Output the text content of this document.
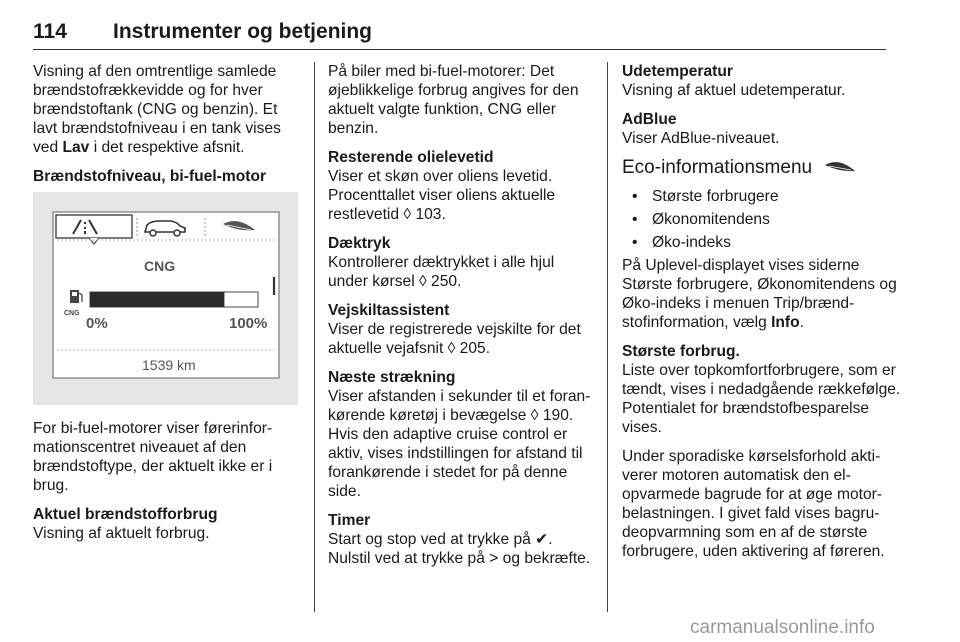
114 Instrumenter og betjening

Visning af den omtrentlige samlede brændstofrækkevidde og for hver brændstoftank (CNG og benzin). Et lavt brændstofniveau i en tank vises ved Lav i det respektive afsnit.

Brændstofniveau, bi-fuel-motor

CNG
CNG
0%	100%
1539 km

For bi-fuel-motorer viser førerinformationscentret niveauet af den brændstoftype, der aktuelt ikke er i brug.

Aktuel brændstofforbrug

Visning af aktuelt forbrug.

På biler med bi-fuel-motorer: Det øjeblikkelige forbrug angives for den aktuelt valgte funktion, CNG eller benzin.

Resterende olielevetid

Viser et skøn over oliens levetid. Procenttallet viser oliens aktuelle restlevetid ◊ 103.

Dæktryk

Kontrollerer dæktrykket i alle hjul under kørsel ◊ 250.

Vejskiltassistent

Viser de registrerede vejskilte for det aktuelle vejafsnit ◊ 205.

Næste strækning

Viser afstanden i sekunder til et forankørende køretøj i bevægelse ◊ 190.

Hvis den adaptive cruise control er aktiv, vises indstillingen for afstand til forankørende i stedet for på denne side.

Timer

Start og stop ved at trykke på ✔.
Nulstil ved at trykke på > og bekræfte.

Udetemperatur

Visning af aktuel udetemperatur.

AdBlue

Viser AdBlue-niveauet.

Eco-informationsmenu

• Største forbrugere
• Økonomitendens
• Øko-indeks

På Uplevel-displayet vises siderne Største forbrugere, Økonomitendens og Øko-indeks i menuen Trip/brændstofinformation, vælg Info.

Største forbrug.

Liste over topkomfortforbrugere, som er tændt, vises i nedadgående rækkefølge. Potentialet for brændstofbesparelse vises.

Under sporadiske kørselsforhold aktiverer motoren automatisk den el-opvarmede bagrude for at øge motorbelastningen. I givet fald vises bagrudeopvarmning som en af de største forbrugere, uden aktivering af føreren.

carmanualsonline.info
